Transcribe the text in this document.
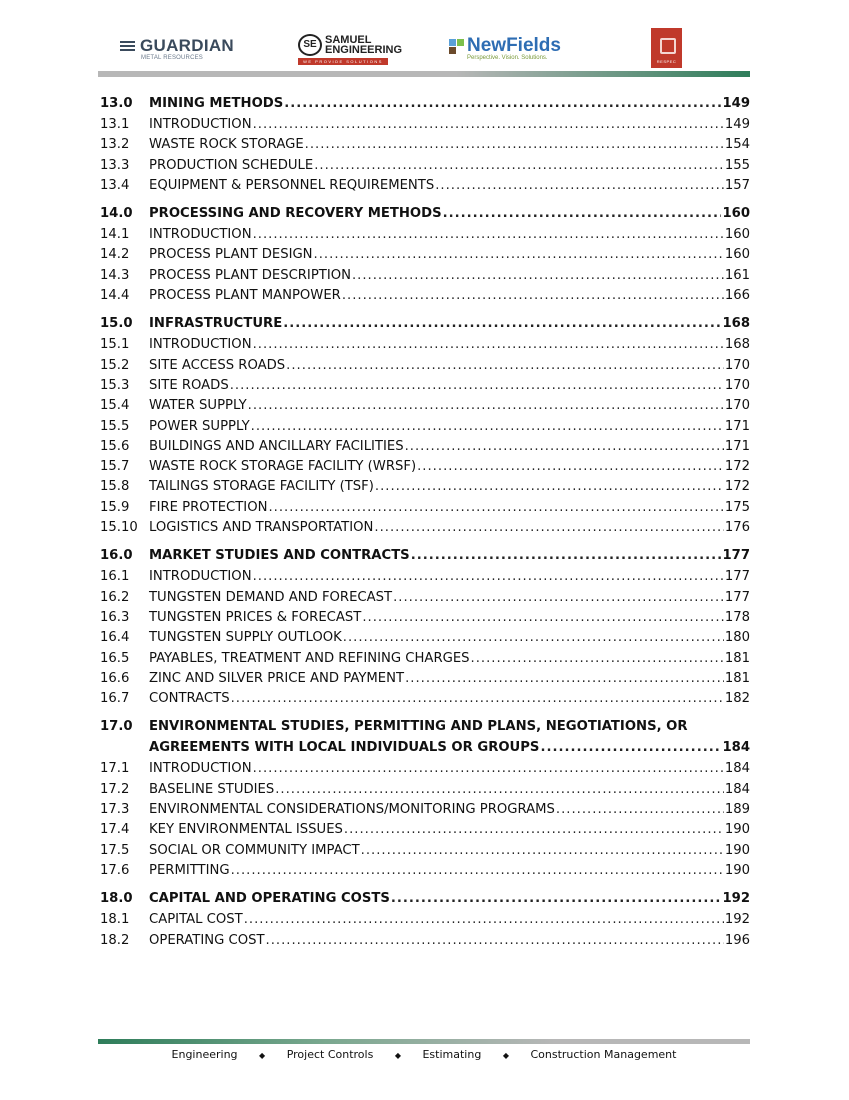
GUARDIAN
METAL RESOURCES
SE SAMUEL
ENGINEERING
WE PROVIDE SOLUTIONS
NewFields
Perspective. Vision. Solutions.
RESPEC
13.0	MINING METHODS .....	149
13.1	INTRODUCTION .....	149
13.2	WASTE ROCK STORAGE .....	154
13.3	PRODUCTION SCHEDULE .....	155
13.4	EQUIPMENT & PERSONNEL REQUIREMENTS .....	157
14.0	PROCESSING AND RECOVERY METHODS .....	160
14.1	INTRODUCTION .....	160
14.2	PROCESS PLANT DESIGN .....	160
14.3	PROCESS PLANT DESCRIPTION .....	161
14.4	PROCESS PLANT MANPOWER .....	166
15.0	INFRASTRUCTURE .....	168
15.1	INTRODUCTION .....	168
15.2	SITE ACCESS ROADS .....	170
15.3	SITE ROADS .....	170
15.4	WATER SUPPLY .....	170
15.5	POWER SUPPLY .....	171
15.6	BUILDINGS AND ANCILLARY FACILITIES .....	171
15.7	WASTE ROCK STORAGE FACILITY (WRSF) .....	172
15.8	TAILINGS STORAGE FACILITY (TSF) .....	172
15.9	FIRE PROTECTION .....	175
15.10 LOGISTICS AND TRANSPORTATION .....	176
16.0	MARKET STUDIES AND CONTRACTS .....	177
16.1	INTRODUCTION .....	177
16.2	TUNGSTEN DEMAND AND FORECAST .....	177
16.3	TUNGSTEN PRICES & FORECAST .....	178
16.4	TUNGSTEN SUPPLY OUTLOOK .....	180
16.5	PAYABLES, TREATMENT AND REFINING CHARGES .....	181
16.6	ZINC AND SILVER PRICE AND PAYMENT .....	181
16.7	CONTRACTS .....	182
17.0	ENVIRONMENTAL STUDIES, PERMITTING AND PLANS, NEGOTIATIONS, OR
AGREEMENTS WITH LOCAL INDIVIDUALS OR GROUPS .....	184
17.1	INTRODUCTION .....	184
17.2	BASELINE STUDIES .....	184
17.3	ENVIRONMENTAL CONSIDERATIONS/MONITORING PROGRAMS .....	189
17.4	KEY ENVIRONMENTAL ISSUES .....	190
17.5	SOCIAL OR COMMUNITY IMPACT .....	190
17.6	PERMITTING .....	190
18.0	CAPITAL AND OPERATING COSTS .....	192
18.1	CAPITAL COST .....	192
18.2	OPERATING COST .....	196
Engineering	◆ Project Controls	◆ Estimating	◆ Construction Management
